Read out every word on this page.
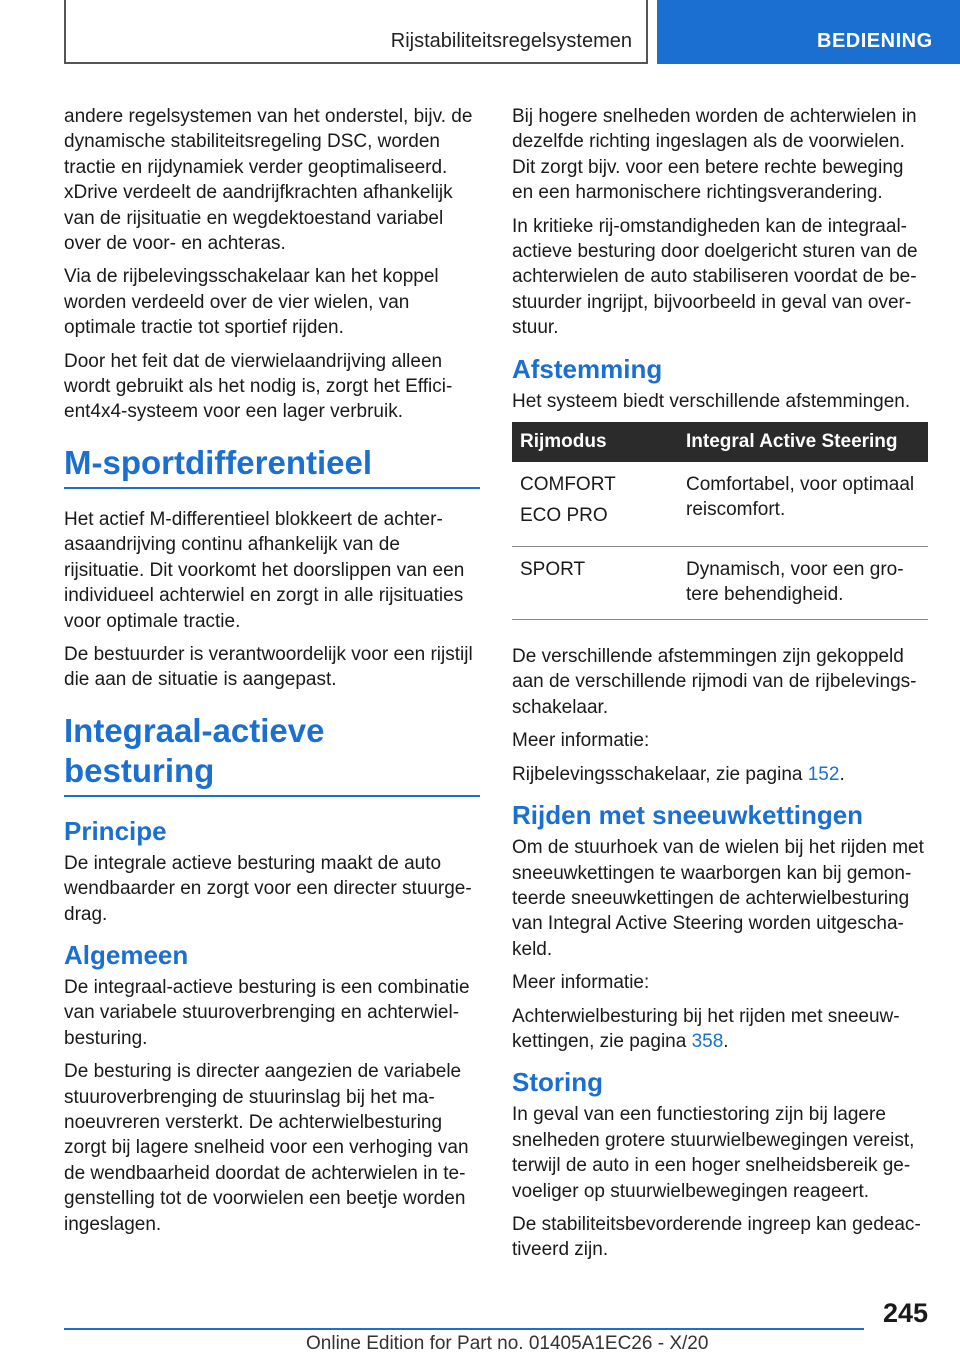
Rijstabiliteitsregelsystemen	BEDIENING

andere regelsystemen van het onderstel, bijv. de dynamische stabiliteitsregeling DSC, worden tractie en rijdynamiek verder geoptimaliseerd. xDrive verdeelt de aandrijfkrachten afhankelijk van de rijsituatie en wegdektoestand variabel over de voor- en achteras.

Via de rijbelevingsschakelaar kan het koppel worden verdeeld over de vier wielen, van optimale tractie tot sportief rijden.

Door het feit dat de vierwielaandrijving alleen wordt gebruikt als het nodig is, zorgt het Efficient4x4-systeem voor een lager verbruik.

M-sportdifferentieel

Het actief M-differentieel blokkeert de achterasaandrijving continu afhankelijk van de rijsituatie. Dit voorkomt het doorslippen van een individueel achterwiel en zorgt in alle rijsituaties voor optimale tractie.

De bestuurder is verantwoordelijk voor een rijstijl die aan de situatie is aangepast.

Integraal-actieve besturing
Principe

De integrale actieve besturing maakt de auto wendbaarder en zorgt voor een directer stuurgedrag.

Algemeen

De integraal-actieve besturing is een combinatie van variabele stuuroverbrenging en achterwielbesturing.

De besturing is directer aangezien de variabele stuuroverbrenging de stuurinslag bij het manoeuvreren versterkt. De achterwielbesturing zorgt bij lagere snelheid voor een verhoging van de wendbaarheid doordat de achterwielen in tegenstelling tot de voorwielen een beetje worden ingeslagen.

Bij hogere snelheden worden de achterwielen in dezelfde richting ingeslagen als de voorwielen. Dit zorgt bijv. voor een betere rechte beweging en een harmonischere richtingsverandering.

In kritieke rij-omstandigheden kan de integraal-actieve besturing door doelgericht sturen van de achterwielen de auto stabiliseren voordat de bestuurder ingrijpt, bijvoorbeeld in geval van overstuur.

Afstemming

Het systeem biedt verschillende afstemmingen.

Rijmodus	Integral Active Steering

COMFORT
ECO PRO	Comfortabel, voor optimaal reiscomfort.
SPORT	Dynamisch, voor een grotere behendigheid.

De verschillende afstemmingen zijn gekoppeld aan de verschillende rijmodi van de rijbelevingsschakelaar.

Meer informatie:

Rijbelevingsschakelaar, zie pagina 152.

Rijden met sneeuwkettingen

Om de stuurhoek van de wielen bij het rijden met sneeuwkettingen te waarborgen kan bij gemonteerde sneeuwkettingen de achterwielbesturing van Integral Active Steering worden uitgeschakeld.

Meer informatie:

Achterwielbesturing bij het rijden met sneeuwkettingen, zie pagina 358.

Storing

In geval van een functiestoring zijn bij lagere snelheden grotere stuurwielbewegingen vereist, terwijl de auto in een hoger snelheidsbereik gevoeliger op stuurwielbewegingen reageert.

De stabiliteitsbevorderende ingreep kan gedeactiveerd zijn.

245
Online Edition for Part no. 01405A1EC26 - X/20
